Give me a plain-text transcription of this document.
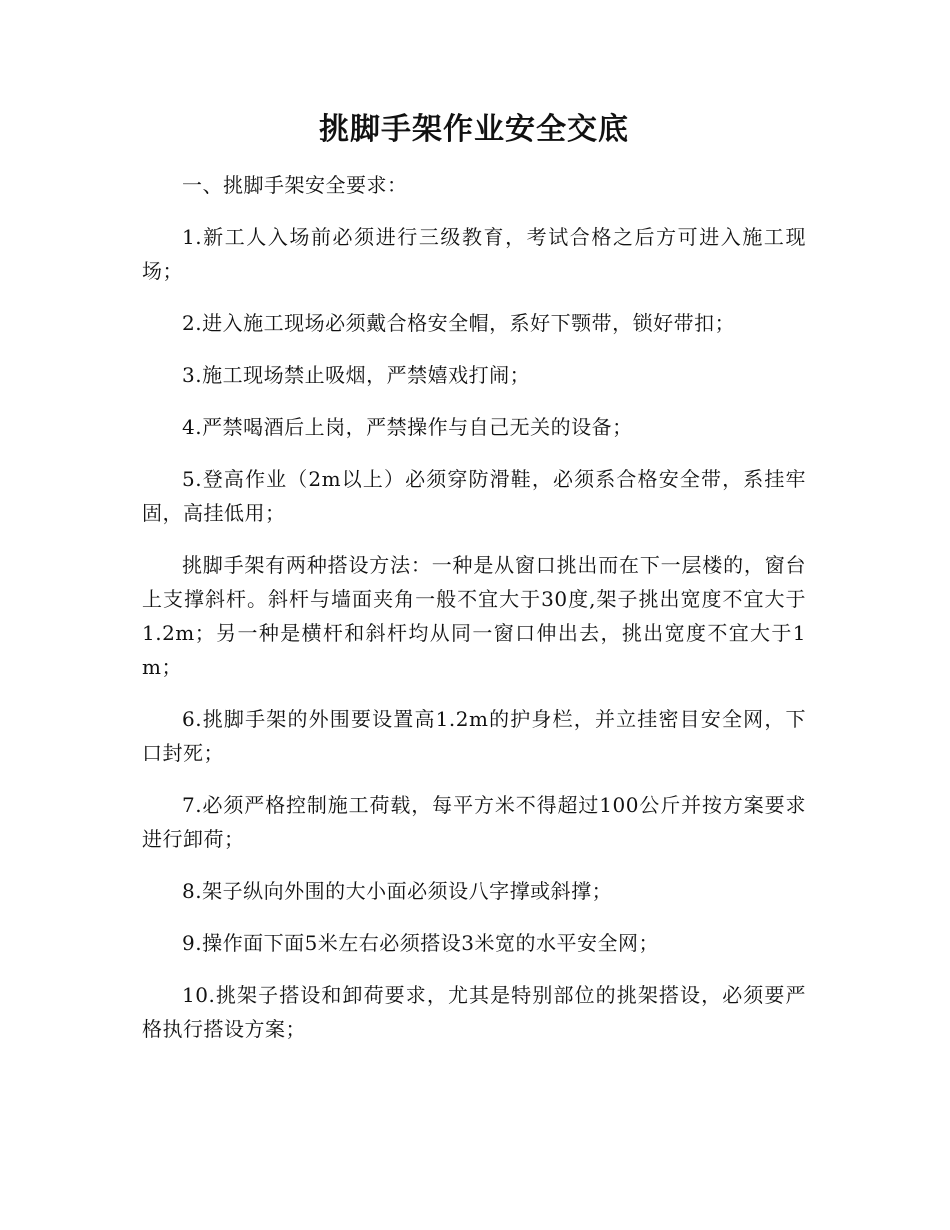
挑脚手架作业安全交底

一、挑脚手架安全要求：

1.新工人入场前必须进行三级教育，考试合格之后方可进入施工现场；

2.进入施工现场必须戴合格安全帽，系好下颚带，锁好带扣；

3.施工现场禁止吸烟，严禁嬉戏打闹；

4.严禁喝酒后上岗，严禁操作与自己无关的设备；

5.登高作业（2m以上）必须穿防滑鞋，必须系合格安全带，系挂牢固，高挂低用；

挑脚手架有两种搭设方法：一种是从窗口挑出而在下一层楼的，窗台上支撑斜杆。斜杆与墙面夹角一般不宜大于30度,架子挑出宽度不宜大于1.2m；另一种是横杆和斜杆均从同一窗口伸出去，挑出宽度不宜大于1m；

6.挑脚手架的外围要设置高1.2m的护身栏，并立挂密目安全网，下口封死；

7.必须严格控制施工荷载，每平方米不得超过100公斤并按方案要求进行卸荷；

8.架子纵向外围的大小面必须设八字撑或斜撑；

9.操作面下面5米左右必须搭设3米宽的水平安全网；

10.挑架子搭设和卸荷要求，尤其是特别部位的挑架搭设，必须要严格执行搭设方案；
